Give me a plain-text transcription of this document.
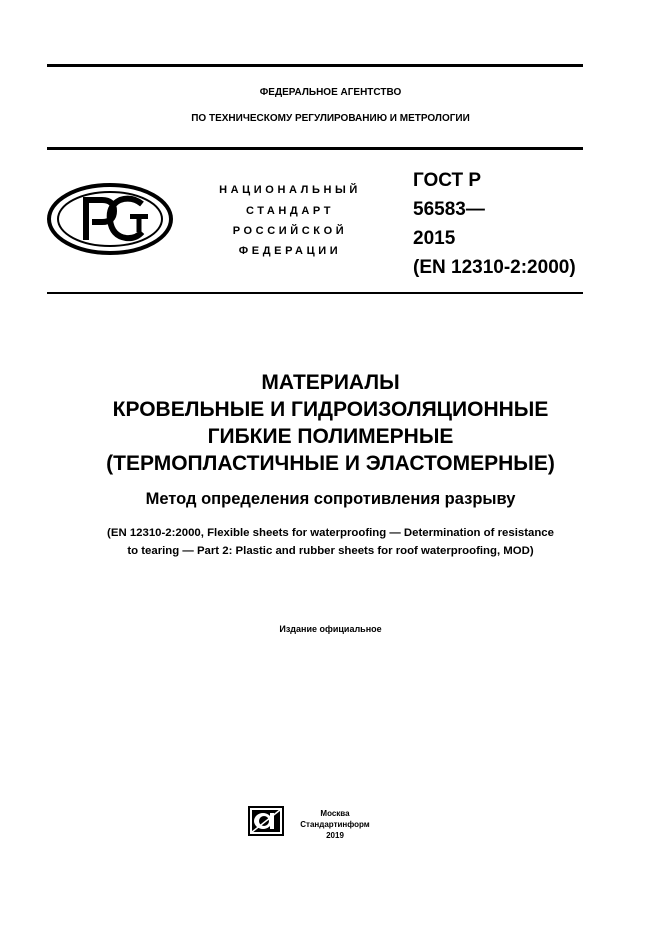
ФЕДЕРАЛЬНОЕ АГЕНТСТВО
ПО ТЕХНИЧЕСКОМУ РЕГУЛИРОВАНИЮ И МЕТРОЛОГИИ
НАЦИОНАЛЬНЫЙ
СТАНДАРТ
РОССИЙСКОЙ
ФЕДЕРАЦИИ
ГОСТ Р
56583—
2015
(EN 12310-2:2000)
МАТЕРИАЛЫ
КРОВЕЛЬНЫЕ И ГИДРОИЗОЛЯЦИОННЫЕ
ГИБКИЕ ПОЛИМЕРНЫЕ
(ТЕРМОПЛАСТИЧНЫЕ И ЭЛАСТОМЕРНЫЕ)
Метод определения сопротивления разрыву
(EN 12310-2:2000, Flexible sheets for waterproofing — Determination of resistance
to tearing — Part 2: Plastic and rubber sheets for roof waterproofing, MOD)
Издание официальное
Москва
Стандартинформ
2019
